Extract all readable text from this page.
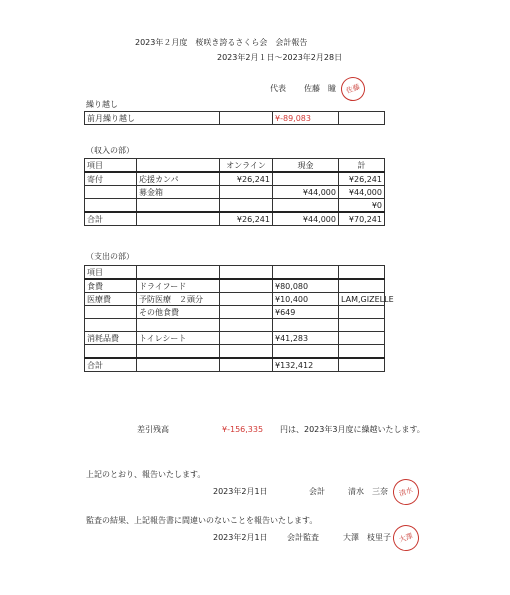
2023年２月度　桜咲き誇るさくら会　会計報告
2023年2月１日～2023年2月28日
代表 佐藤　瞳 佐藤
繰り越し
前月繰り越し		¥-89,083	
（収入の部）
項目		オンライン	現金	計
寄付	応援カンパ	¥26,241		¥26,241
	募金箱		¥44,000	¥44,000
				¥0
合計		¥26,241	¥44,000	¥70,241
（支出の部）
項目				
食費	ドライフード		¥80,080	
医療費	予防医療　２頭分		¥10,400	LAM,GIZELLE
	その他食費		¥649	

消耗品費	トイレシート		¥41,283	

合計			¥132,412	
差引残高	¥-156,335 円は、2023年3月度に繰越いたします。
上記のとおり、報告いたします。
2023年2月1日	会計	清水　三奈 清水
監査の結果、上記報告書に間違いのないことを報告いたします。
2023年2月1日 会計監査	大澤　枝里子 大澤
